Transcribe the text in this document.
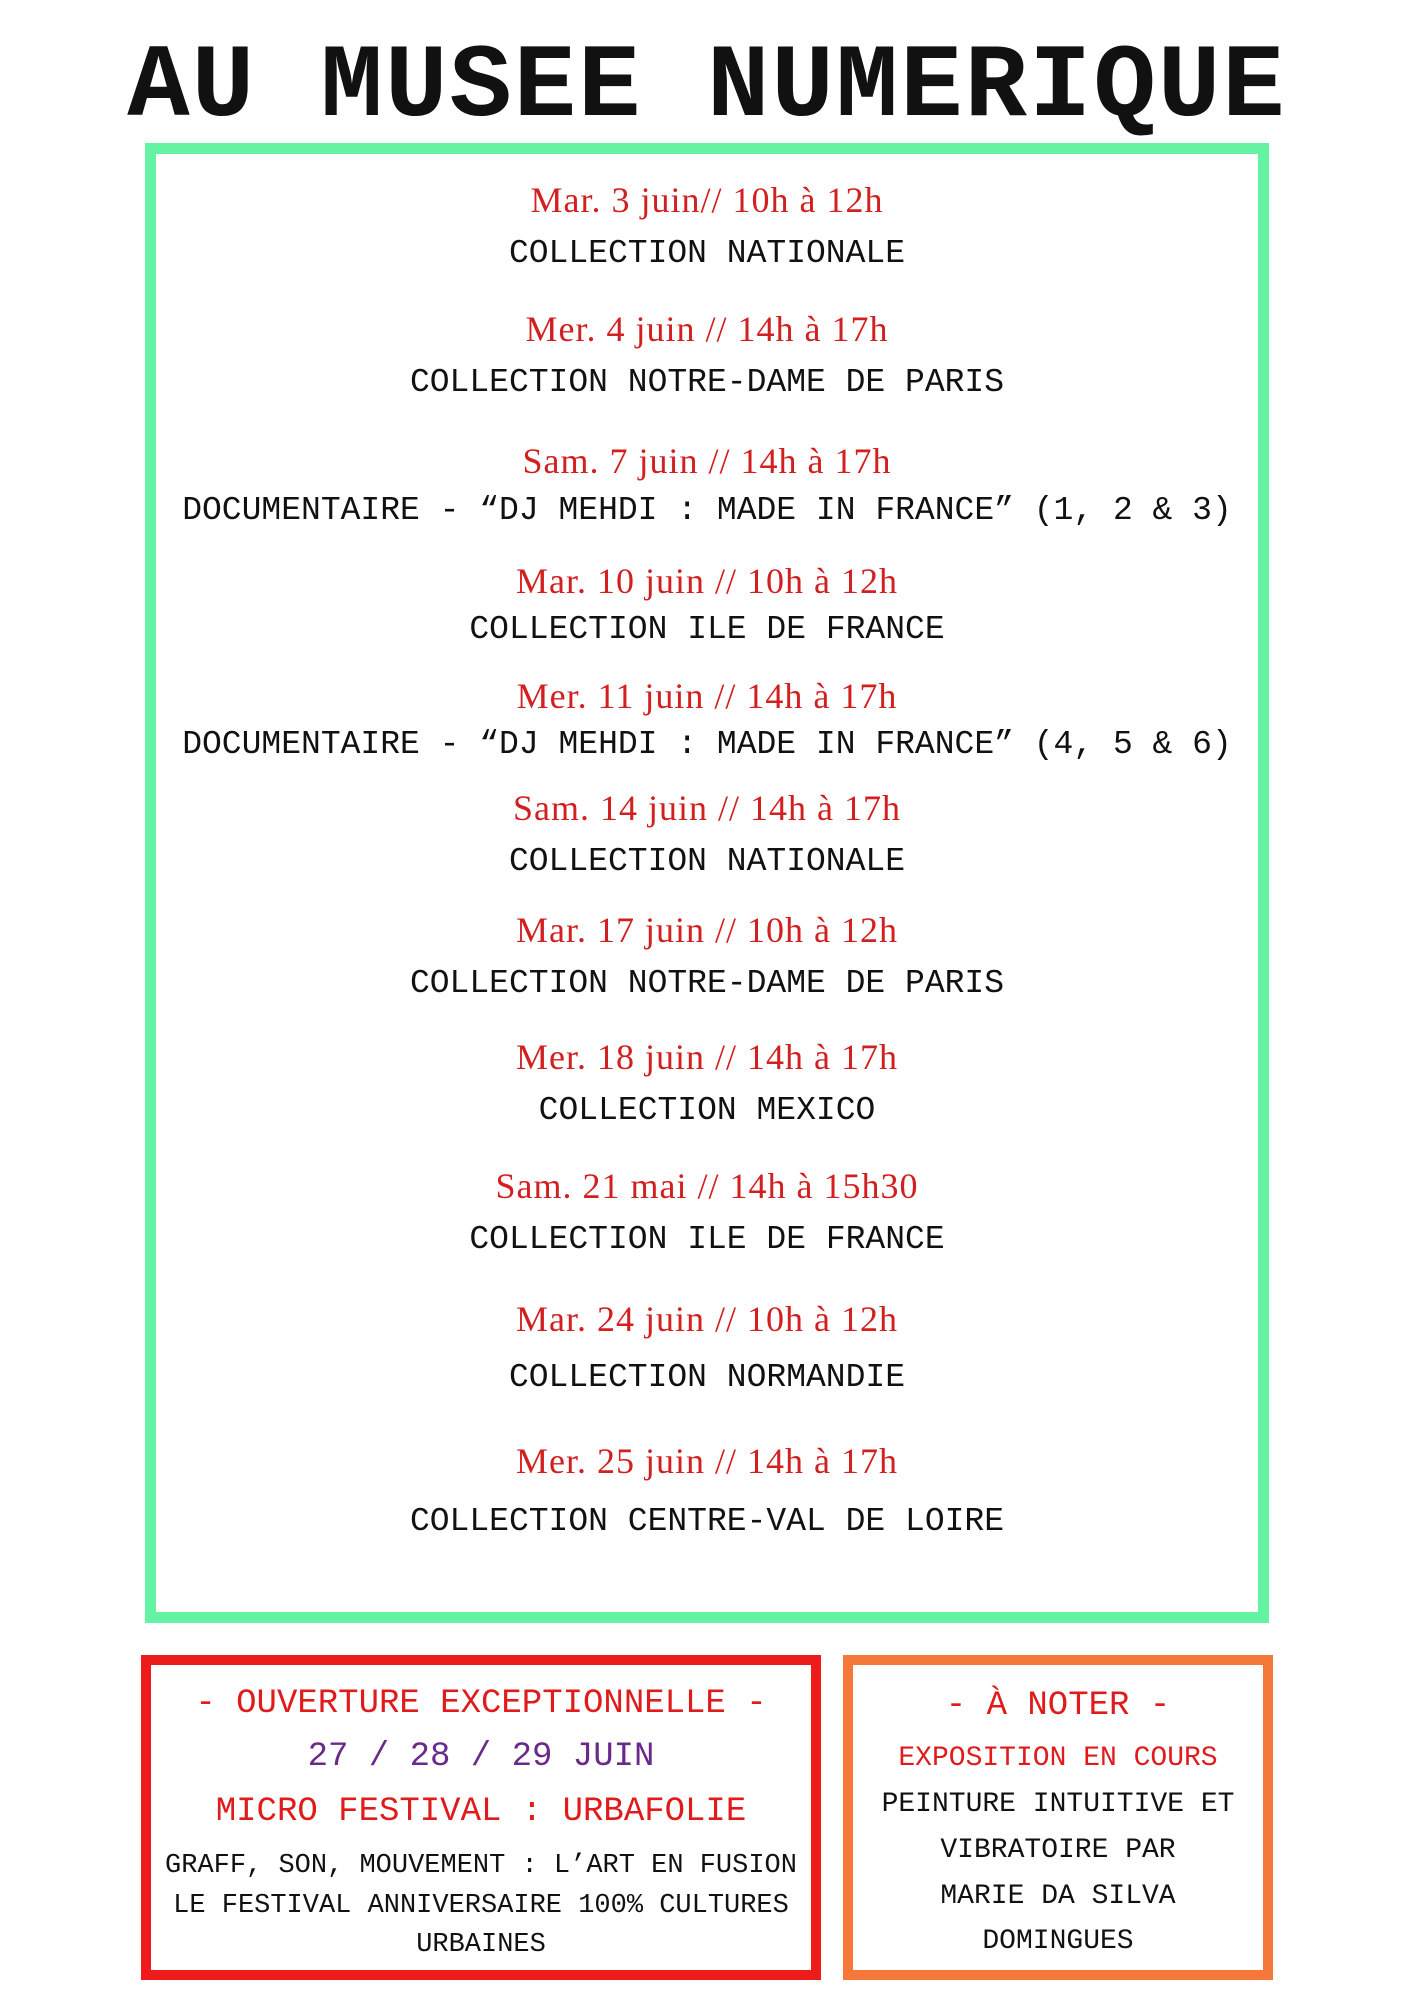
AU MUSEE NUMERIQUE
Mar. 3 juin// 10h à 12h
COLLECTION NATIONALE
Mer. 4 juin // 14h à 17h
COLLECTION NOTRE-DAME DE PARIS
Sam. 7 juin // 14h à 17h
DOCUMENTAIRE - “DJ MEHDI : MADE IN FRANCE” (1, 2 & 3)
Mar. 10 juin // 10h à 12h
COLLECTION ILE DE FRANCE
Mer. 11 juin // 14h à 17h
DOCUMENTAIRE - “DJ MEHDI : MADE IN FRANCE” (4, 5 & 6)
Sam. 14 juin // 14h à 17h
COLLECTION NATIONALE
Mar. 17 juin // 10h à 12h
COLLECTION NOTRE-DAME DE PARIS
Mer. 18 juin // 14h à 17h
COLLECTION MEXICO
Sam. 21 mai // 14h à 15h30
COLLECTION ILE DE FRANCE
Mar. 24 juin // 10h à 12h
COLLECTION NORMANDIE
Mer. 25 juin // 14h à 17h
COLLECTION CENTRE-VAL DE LOIRE
- OUVERTURE EXCEPTIONNELLE -
27 / 28 / 29 JUIN
MICRO FESTIVAL : URBAFOLIE
GRAFF, SON, MOUVEMENT : L’ART EN FUSION
LE FESTIVAL ANNIVERSAIRE 100% CULTURES
URBAINES
- À NOTER -
EXPOSITION EN COURS
PEINTURE INTUITIVE ET
VIBRATOIRE PAR
MARIE DA SILVA
DOMINGUES
